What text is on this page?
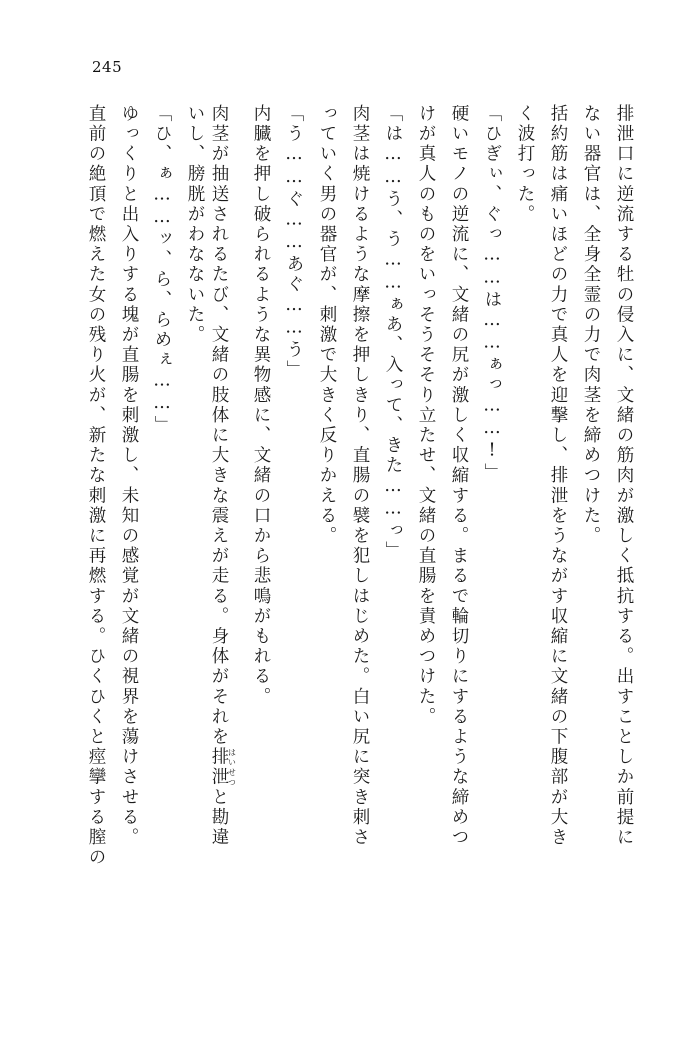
245
排泄口に逆流する牡の侵入に、文緒の筋肉が激しく抵抗する。出すことしか前提に
ない器官は、全身全霊の力で肉茎を締めつけた。
括約筋は痛いほどの力で真人を迎撃し、排泄をうながす収縮に文緒の下腹部が大き
く波打った。
「ひぎぃ、ぐっ……は……ぁっ……!」
硬いモノの逆流に、文緒の尻が激しく収縮する。まるで輪切りにするような締めつ
けが真人のものをいっそうそそり立たせ、文緒の直腸を責めつけた。
「は……う、う……ぁあ、入って、きた……っ」
肉茎は焼けるような摩擦を押しきり、直腸の襞を犯しはじめた。白い尻に突き刺さ
っていく男の器官が、刺激で大きく反りかえる。
「う……ぐ……あぐ……う」
内臓を押し破られるような異物感に、文緒の口から悲鳴がもれる。
肉茎が抽送されるたび、文緒の肢体に大きな震えが走る。身体がそれを排泄はいせつと勘違
いし、膀胱がわなないた。
「ひ、ぁ……ッ、ら、らめぇ……」
ゆっくりと出入りする塊が直腸を刺激し、未知の感覚が文緒の視界を蕩けさせる。
直前の絶頂で燃えた女の残り火が、新たな刺激に再燃する。ひくひくと痙攣する膣の
